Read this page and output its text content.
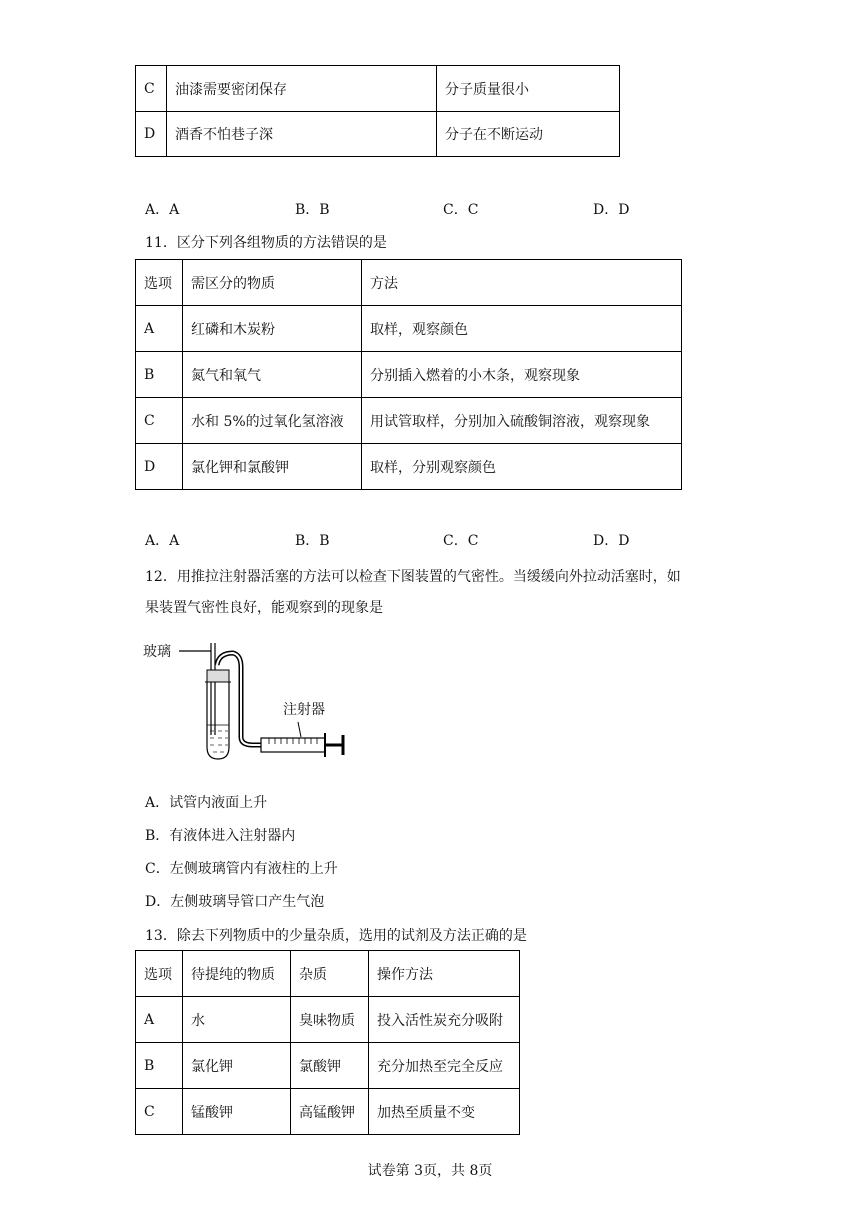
C	油漆需要密闭保存	分子质量很小
D	酒香不怕巷子深	分子在不断运动
A．A	B．B	C．C	D．D
11．区分下列各组物质的方法错误的是
选项	需区分的物质	方法
A	红磷和木炭粉	取样，观察颜色
B	氮气和氧气	分别插入燃着的小木条，观察现象
C	水和 5%的过氧化氢溶液	用试管取样，分别加入硫酸铜溶液，观察现象
D	氯化钾和氯酸钾	取样，分别观察颜色
A．A	B．B	C．C	D．D
12．用推拉注射器活塞的方法可以检查下图装置的气密性。当缓缓向外拉动活塞时，如
果装置气密性良好，能观察到的现象是
玻璃
注射器
A．试管内液面上升
B．有液体进入注射器内
C．左侧玻璃管内有液柱的上升
D．左侧玻璃导管口产生气泡
13．除去下列物质中的少量杂质，选用的试剂及方法正确的是
选项	待提纯的物质	杂质	操作方法
A	水	臭味物质	投入活性炭充分吸附
B	氯化钾	氯酸钾	充分加热至完全反应
C	锰酸钾	高锰酸钾	加热至质量不变
试卷第 3页，共 8页
